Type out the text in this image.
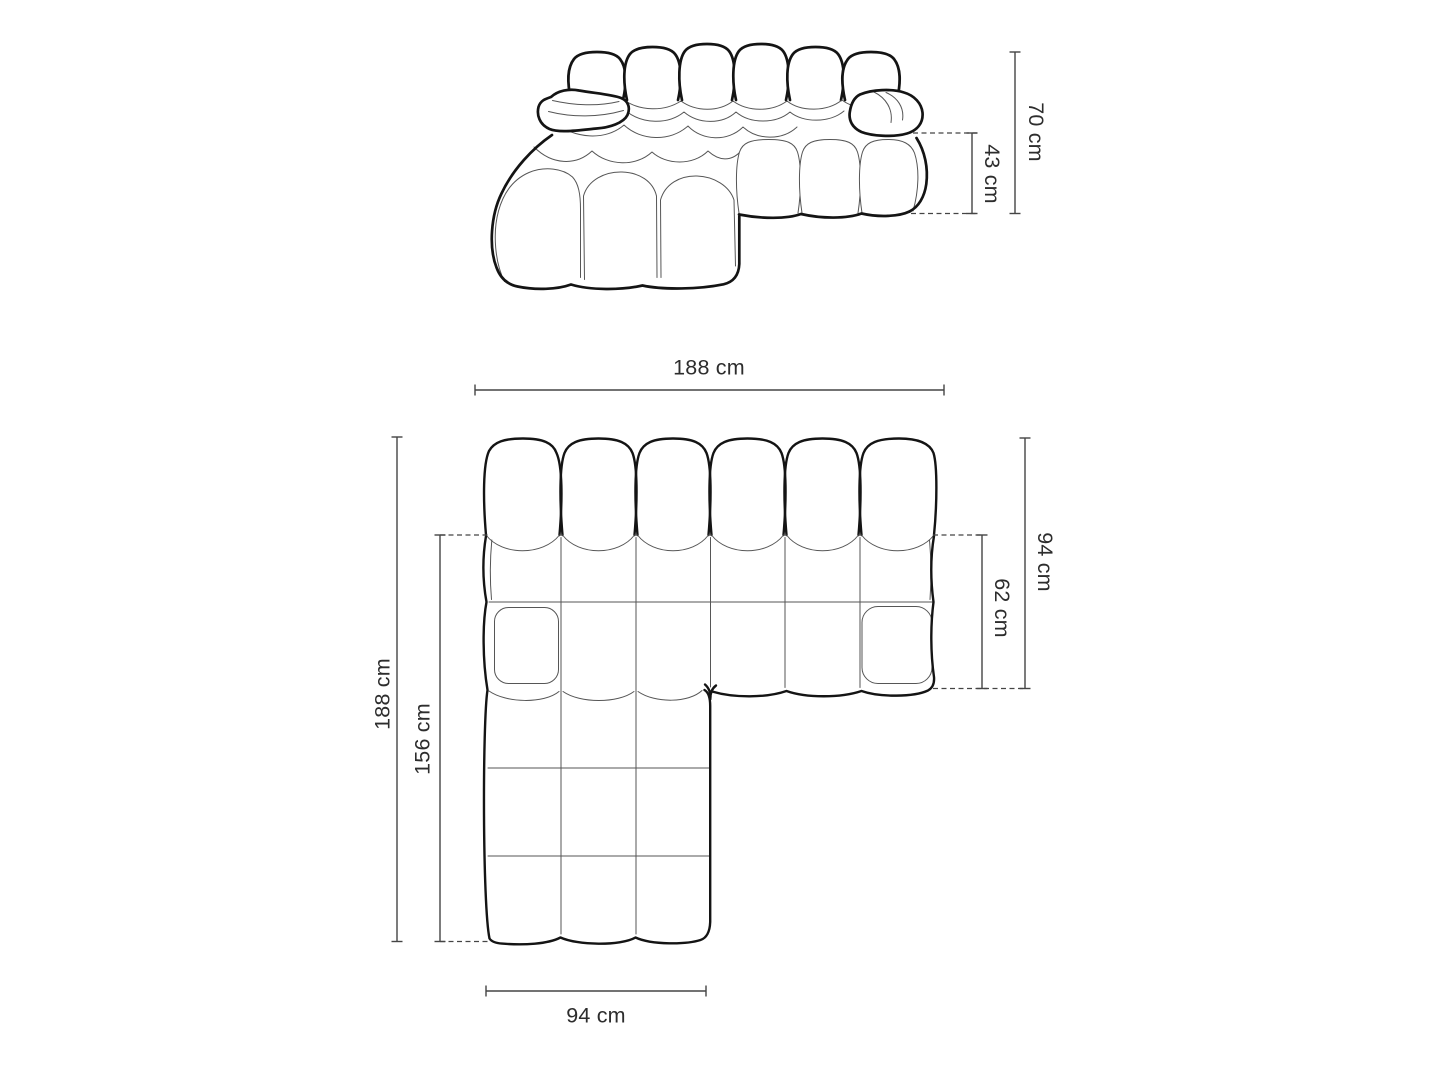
70 cm
43 cm
188 cm
188 cm
156 cm
94 cm
62 cm
94 cm
